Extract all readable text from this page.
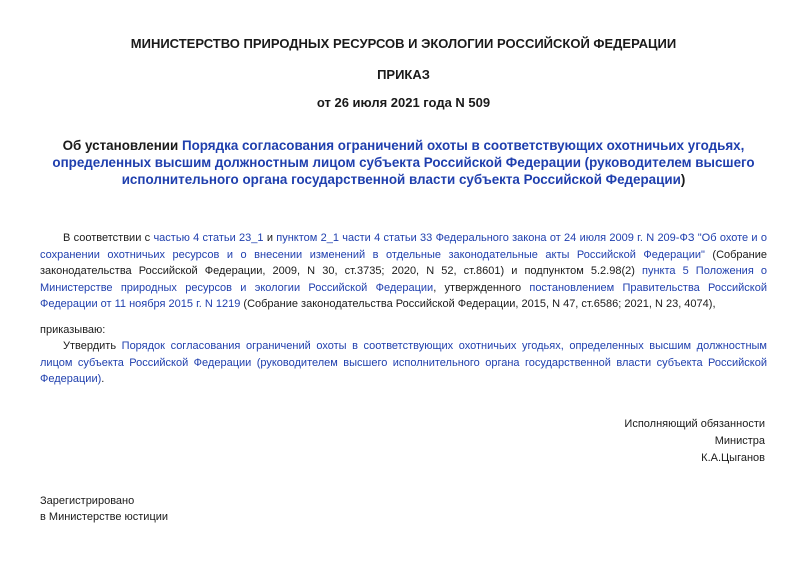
МИНИСТЕРСТВО ПРИРОДНЫХ РЕСУРСОВ И ЭКОЛОГИИ РОССИЙСКОЙ ФЕДЕРАЦИИ
ПРИКАЗ
от 26 июля 2021 года N 509
Об установлении Порядка согласования ограничений охоты в соответствующих охотничьих угодьях, определенных высшим должностным лицом субъекта Российской Федерации (руководителем высшего исполнительного органа государственной власти субъекта Российской Федерации)
В соответствии с частью 4 статьи 23_1 и пунктом 2_1 части 4 статьи 33 Федерального закона от 24 июля 2009 г. N 209-ФЗ "Об охоте и о сохранении охотничьих ресурсов и о внесении изменений в отдельные законодательные акты Российской Федерации" (Собрание законодательства Российской Федерации, 2009, N 30, ст.3735; 2020, N 52, ст.8601) и подпунктом 5.2.98(2) пункта 5 Положения о Министерстве природных ресурсов и экологии Российской Федерации, утвержденного постановлением Правительства Российской Федерации от 11 ноября 2015 г. N 1219 (Собрание законодательства Российской Федерации, 2015, N 47, ст.6586; 2021, N 23, 4074),
приказываю:
Утвердить Порядок согласования ограничений охоты в соответствующих охотничьих угодьях, определенных высшим должностным лицом субъекта Российской Федерации (руководителем высшего исполнительного органа государственной власти субъекта Российской Федерации).
Исполняющий обязанности
Министра
К.А.Цыганов
Зарегистрировано
в Министерстве юстиции
